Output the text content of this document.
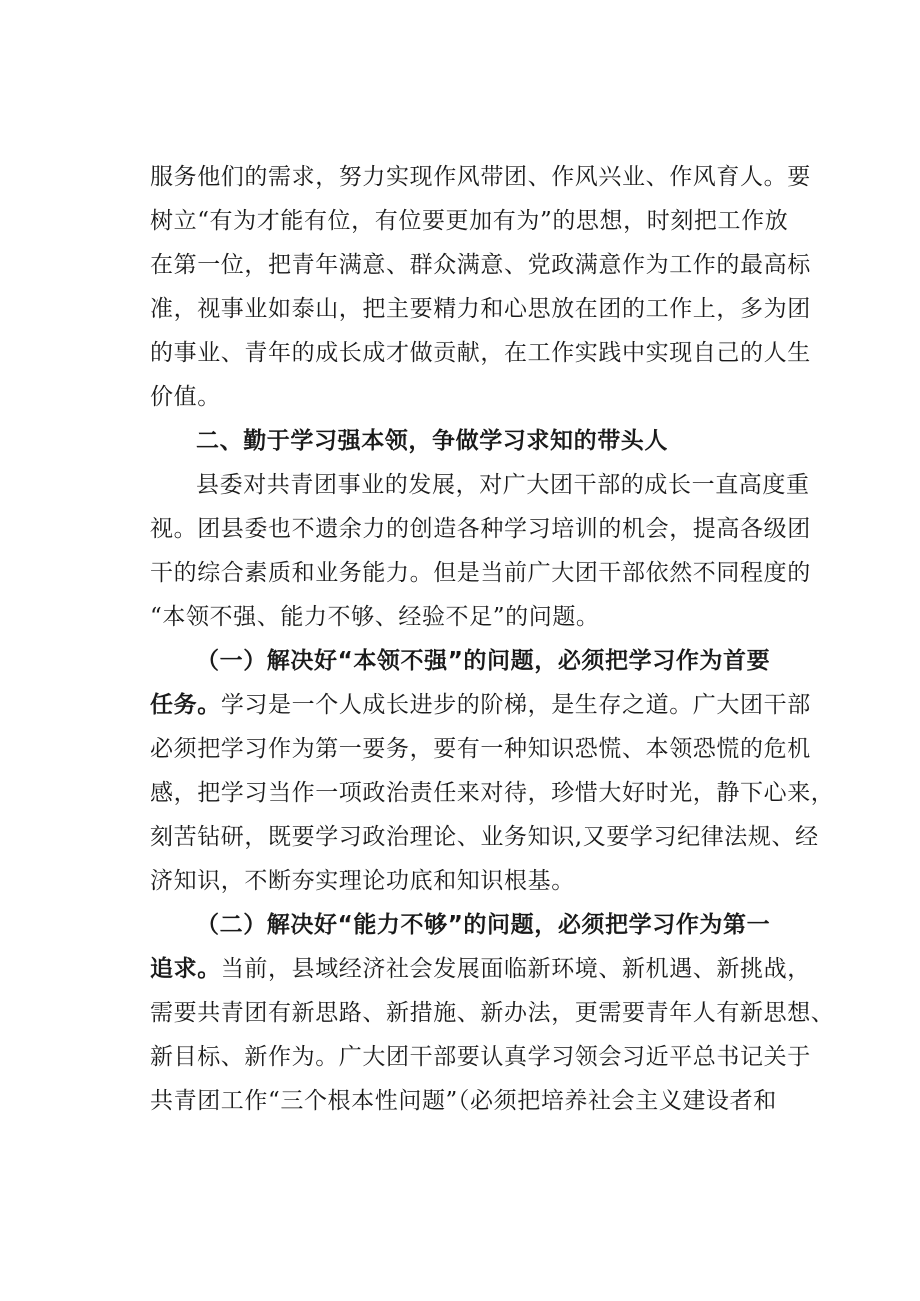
服务他们的需求，努力实现作风带团、作风兴业、作风育人。要
树立“有为才能有位，有位要更加有为”的思想，时刻把工作放
在第一位，把青年满意、群众满意、党政满意作为工作的最高标
准，视事业如泰山，把主要精力和心思放在团的工作上，多为团
的事业、青年的成长成才做贡献，在工作实践中实现自己的人生
价值。
二、勤于学习强本领，争做学习求知的带头人
县委对共青团事业的发展，对广大团干部的成长一直高度重
视。团县委也不遗余力的创造各种学习培训的机会，提高各级团
干的综合素质和业务能力。但是当前广大团干部依然不同程度的
“本领不强、能力不够、经验不足”的问题。
（一）解决好“本领不强”的问题，必须把学习作为首要
任务。学习是一个人成长进步的阶梯，是生存之道。广大团干部
必须把学习作为第一要务，要有一种知识恐慌、本领恐慌的危机
感，把学习当作一项政治责任来对待，珍惜大好时光，静下心来，
刻苦钻研，既要学习政治理论、业务知识,又要学习纪律法规、经
济知识，不断夯实理论功底和知识根基。
（二）解决好“能力不够”的问题，必须把学习作为第一
追求。当前，县域经济社会发展面临新环境、新机遇、新挑战，
需要共青团有新思路、新措施、新办法，更需要青年人有新思想、
新目标、新作为。广大团干部要认真学习领会习近平总书记关于
共青团工作“三个根本性问题”（必须把培养社会主义建设者和
